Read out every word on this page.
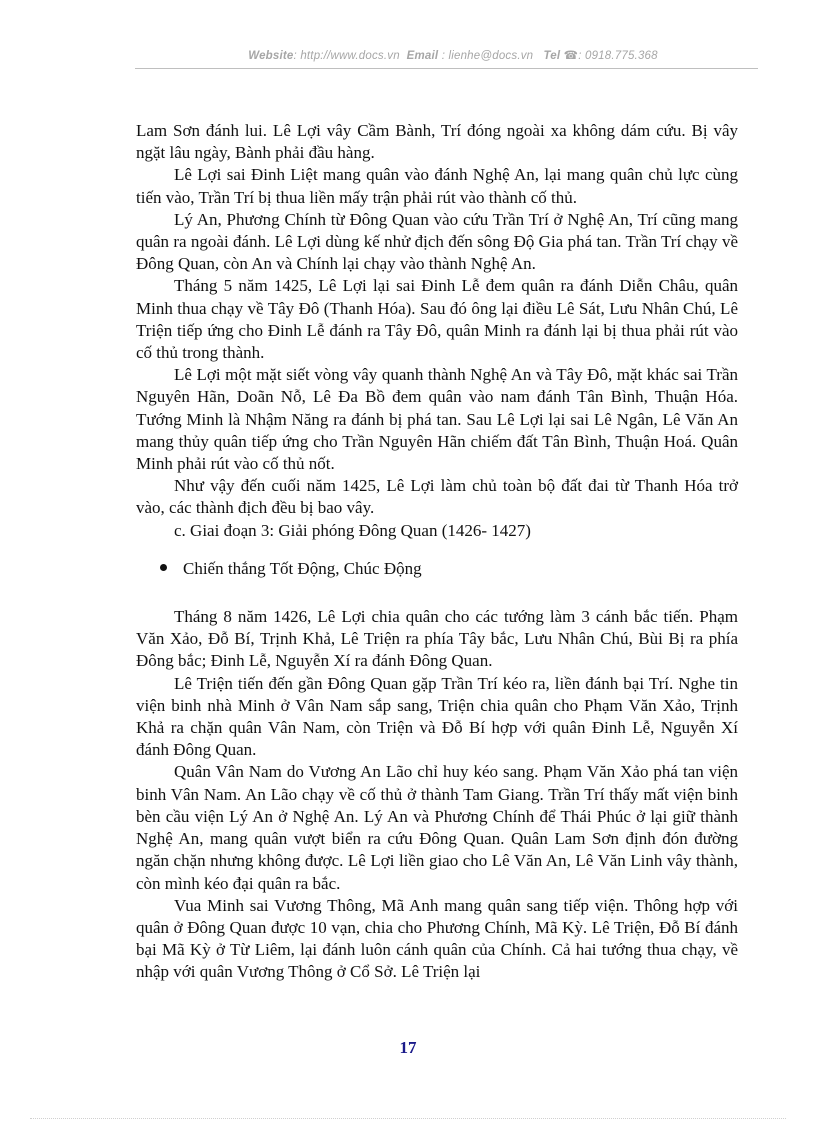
Website: http://www.docs.vn Email : lienhe@docs.vn Tel ☎: 0918.775.368

Lam Sơn đánh lui. Lê Lợi vây Cầm Bành, Trí đóng ngoài xa không dám cứu. Bị vây ngặt lâu ngày, Bành phải đầu hàng.

Lê Lợi sai Đinh Liệt mang quân vào đánh Nghệ An, lại mang quân chủ lực cùng tiến vào, Trần Trí bị thua liền mấy trận phải rút vào thành cố thủ.

Lý An, Phương Chính từ Đông Quan vào cứu Trần Trí ở Nghệ An, Trí cũng mang quân ra ngoài đánh. Lê Lợi dùng kế nhử địch đến sông Độ Gia phá tan. Trần Trí chạy về Đông Quan, còn An và Chính lại chạy vào thành Nghệ An.

Tháng 5 năm 1425, Lê Lợi lại sai Đinh Lễ đem quân ra đánh Diễn Châu, quân Minh thua chạy về Tây Đô (Thanh Hóa). Sau đó ông lại điều Lê Sát, Lưu Nhân Chú, Lê Triện tiếp ứng cho Đinh Lễ đánh ra Tây Đô, quân Minh ra đánh lại bị thua phải rút vào cố thủ trong thành.

Lê Lợi một mặt siết vòng vây quanh thành Nghệ An và Tây Đô, mặt khác sai Trần Nguyên Hãn, Doãn Nỗ, Lê Đa Bồ đem quân vào nam đánh Tân Bình, Thuận Hóa. Tướng Minh là Nhậm Năng ra đánh bị phá tan. Sau Lê Lợi lại sai Lê Ngân, Lê Văn An mang thủy quân tiếp ứng cho Trần Nguyên Hãn chiếm đất Tân Bình, Thuận Hoá. Quân Minh phải rút vào cố thủ nốt.

Như vậy đến cuối năm 1425, Lê Lợi làm chủ toàn bộ đất đai từ Thanh Hóa trở vào, các thành địch đều bị bao vây.

c. Giai đoạn 3: Giải phóng Đông Quan (1426- 1427)

Chiến thắng Tốt Động, Chúc Động

Tháng 8 năm 1426, Lê Lợi chia quân cho các tướng làm 3 cánh bắc tiến. Phạm Văn Xảo, Đỗ Bí, Trịnh Khả, Lê Triện ra phía Tây bắc, Lưu Nhân Chú, Bùi Bị ra phía Đông bắc; Đinh Lễ, Nguyễn Xí ra đánh Đông Quan.

Lê Triện tiến đến gần Đông Quan gặp Trần Trí kéo ra, liền đánh bại Trí. Nghe tin viện binh nhà Minh ở Vân Nam sắp sang, Triện chia quân cho Phạm Văn Xảo, Trịnh Khả ra chặn quân Vân Nam, còn Triện và Đỗ Bí hợp với quân Đinh Lễ, Nguyễn Xí đánh Đông Quan.

Quân Vân Nam do Vương An Lão chỉ huy kéo sang. Phạm Văn Xảo phá tan viện binh Vân Nam. An Lão chạy về cố thủ ở thành Tam Giang. Trần Trí thấy mất viện binh bèn cầu viện Lý An ở Nghệ An. Lý An và Phương Chính để Thái Phúc ở lại giữ thành Nghệ An, mang quân vượt biển ra cứu Đông Quan. Quân Lam Sơn định đón đường ngăn chặn nhưng không được. Lê Lợi liền giao cho Lê Văn An, Lê Văn Linh vây thành, còn mình kéo đại quân ra bắc.

Vua Minh sai Vương Thông, Mã Anh mang quân sang tiếp viện. Thông hợp với quân ở Đông Quan được 10 vạn, chia cho Phương Chính, Mã Kỳ. Lê Triện, Đỗ Bí đánh bại Mã Kỳ ở Từ Liêm, lại đánh luôn cánh quân của Chính. Cả hai tướng thua chạy, về nhập với quân Vương Thông ở Cổ Sở. Lê Triện lại

17
